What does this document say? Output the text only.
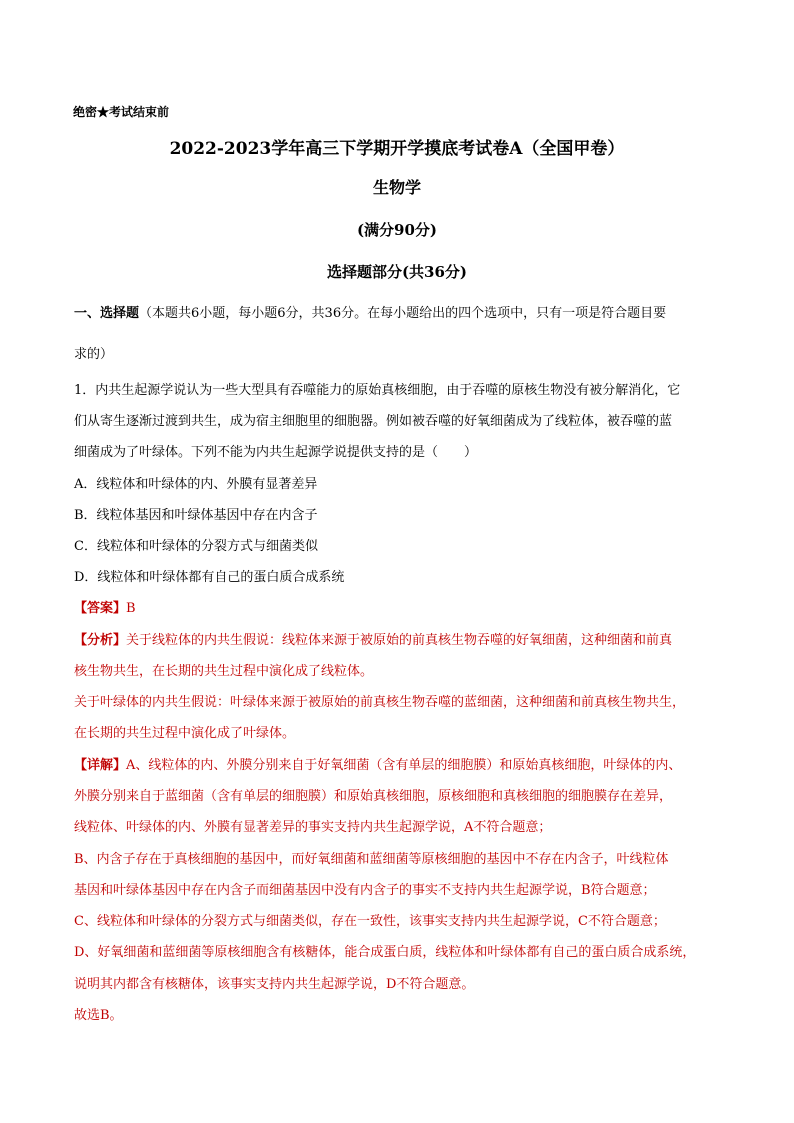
绝密★考试结束前
2022-2023学年高三下学期开学摸底考试卷A（全国甲卷）
生物学
(满分90分)
选择题部分(共36分)
一、选择题（本题共6小题，每小题6分，共36分。在每小题给出的四个选项中，只有一项是符合题目要
求的）
1．内共生起源学说认为一些大型具有吞噬能力的原始真核细胞，由于吞噬的原核生物没有被分解消化，它
们从寄生逐渐过渡到共生，成为宿主细胞里的细胞器。例如被吞噬的好氧细菌成为了线粒体，被吞噬的蓝
细菌成为了叶绿体。下列不能为内共生起源学说提供支持的是（　　）
A．线粒体和叶绿体的内、外膜有显著差异
B．线粒体基因和叶绿体基因中存在内含子
C．线粒体和叶绿体的分裂方式与细菌类似
D．线粒体和叶绿体都有自己的蛋白质合成系统
【答案】B
【分析】关于线粒体的内共生假说：线粒体来源于被原始的前真核生物吞噬的好氧细菌，这种细菌和前真
核生物共生，在长期的共生过程中演化成了线粒体。
关于叶绿体的内共生假说：叶绿体来源于被原始的前真核生物吞噬的蓝细菌，这种细菌和前真核生物共生，
在长期的共生过程中演化成了叶绿体。
【详解】A、线粒体的内、外膜分别来自于好氧细菌（含有单层的细胞膜）和原始真核细胞，叶绿体的内、
外膜分别来自于蓝细菌（含有单层的细胞膜）和原始真核细胞，原核细胞和真核细胞的细胞膜存在差异，
线粒体、叶绿体的内、外膜有显著差异的事实支持内共生起源学说，A不符合题意；
B、内含子存在于真核细胞的基因中，而好氧细菌和蓝细菌等原核细胞的基因中不存在内含子，叶线粒体
基因和叶绿体基因中存在内含子而细菌基因中没有内含子的事实不支持内共生起源学说，B符合题意；
C、线粒体和叶绿体的分裂方式与细菌类似，存在一致性，该事实支持内共生起源学说，C不符合题意；
D、好氧细菌和蓝细菌等原核细胞含有核糖体，能合成蛋白质，线粒体和叶绿体都有自己的蛋白质合成系统，
说明其内都含有核糖体，该事实支持内共生起源学说，D不符合题意。
故选B。
